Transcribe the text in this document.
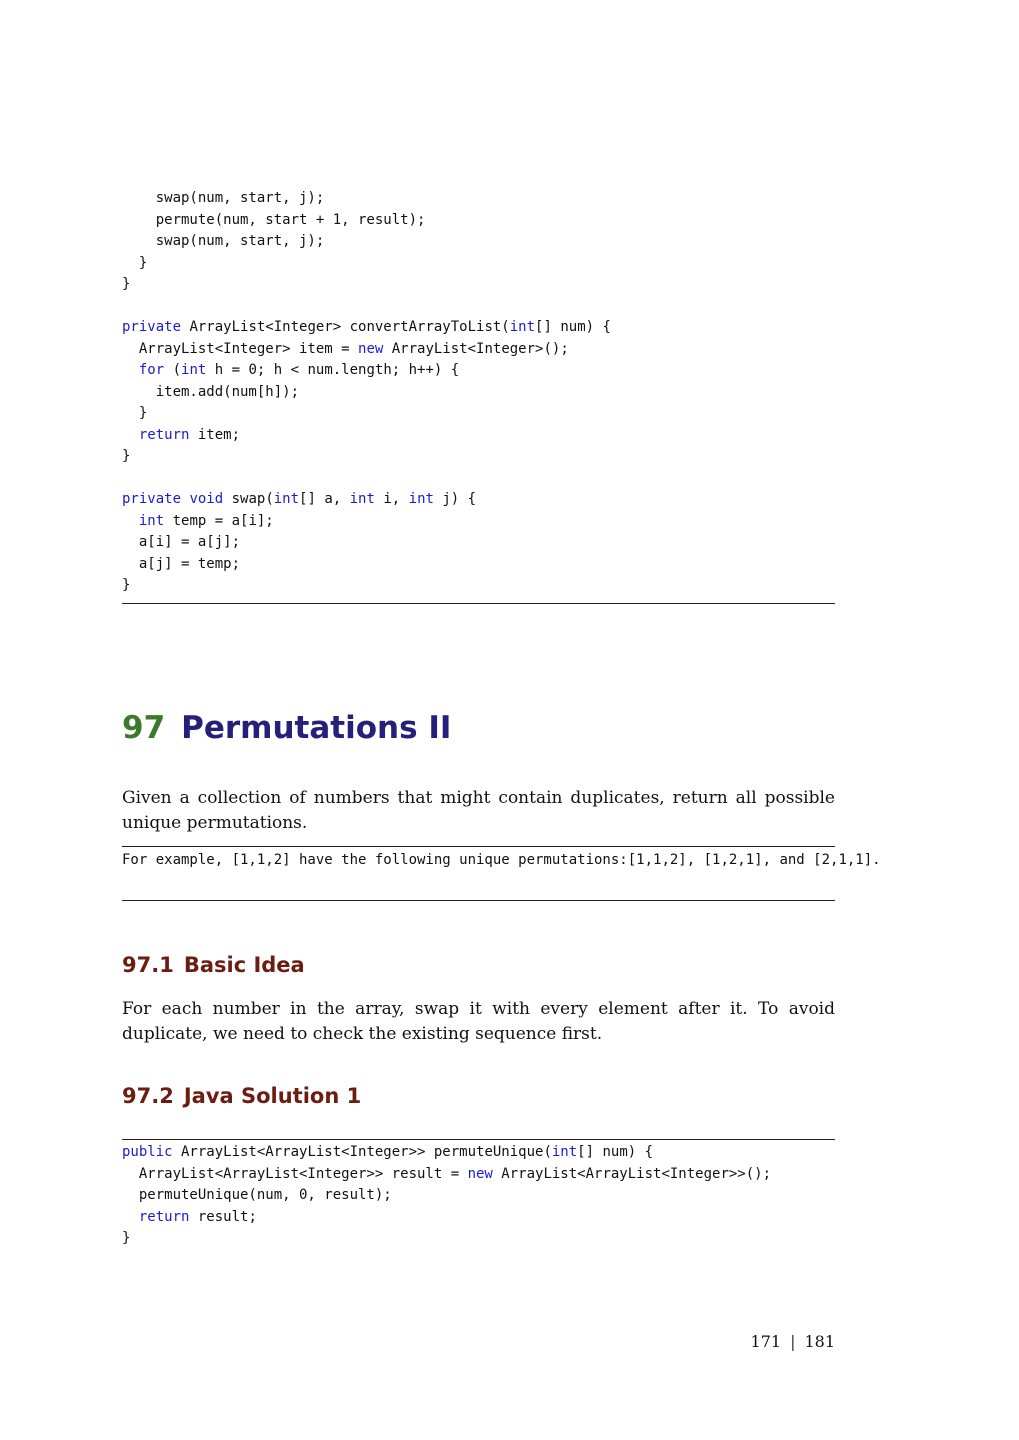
swap(num, start, j);
permute(num, start + 1, result);
swap(num, start, j);
}
}
private ArrayList<Integer> convertArrayToList(int[] num) {
ArrayList<Integer> item = new ArrayList<Integer>();
for (int h = 0; h < num.length; h++) {
item.add(num[h]);
}
return item;
}
private void swap(int[] a, int i, int j) {
int temp = a[i];
a[i] = a[j];
a[j] = temp;
}
97 Permutations II

Given a collection of numbers that might contain duplicates, return all possible unique permutations.

For example, [1,1,2] have the following unique permutations:[1,1,2], [1,2,1], and [2,1,1].
97.1 Basic Idea

For each number in the array, swap it with every element after it. To avoid duplicate, we need to check the existing sequence first.

97.2 Java Solution 1
public ArrayList<ArrayList<Integer>> permuteUnique(int[] num) {
ArrayList<ArrayList<Integer>> result = new ArrayList<ArrayList<Integer>>();
permuteUnique(num, 0, result);
return result;
}
171 | 181
